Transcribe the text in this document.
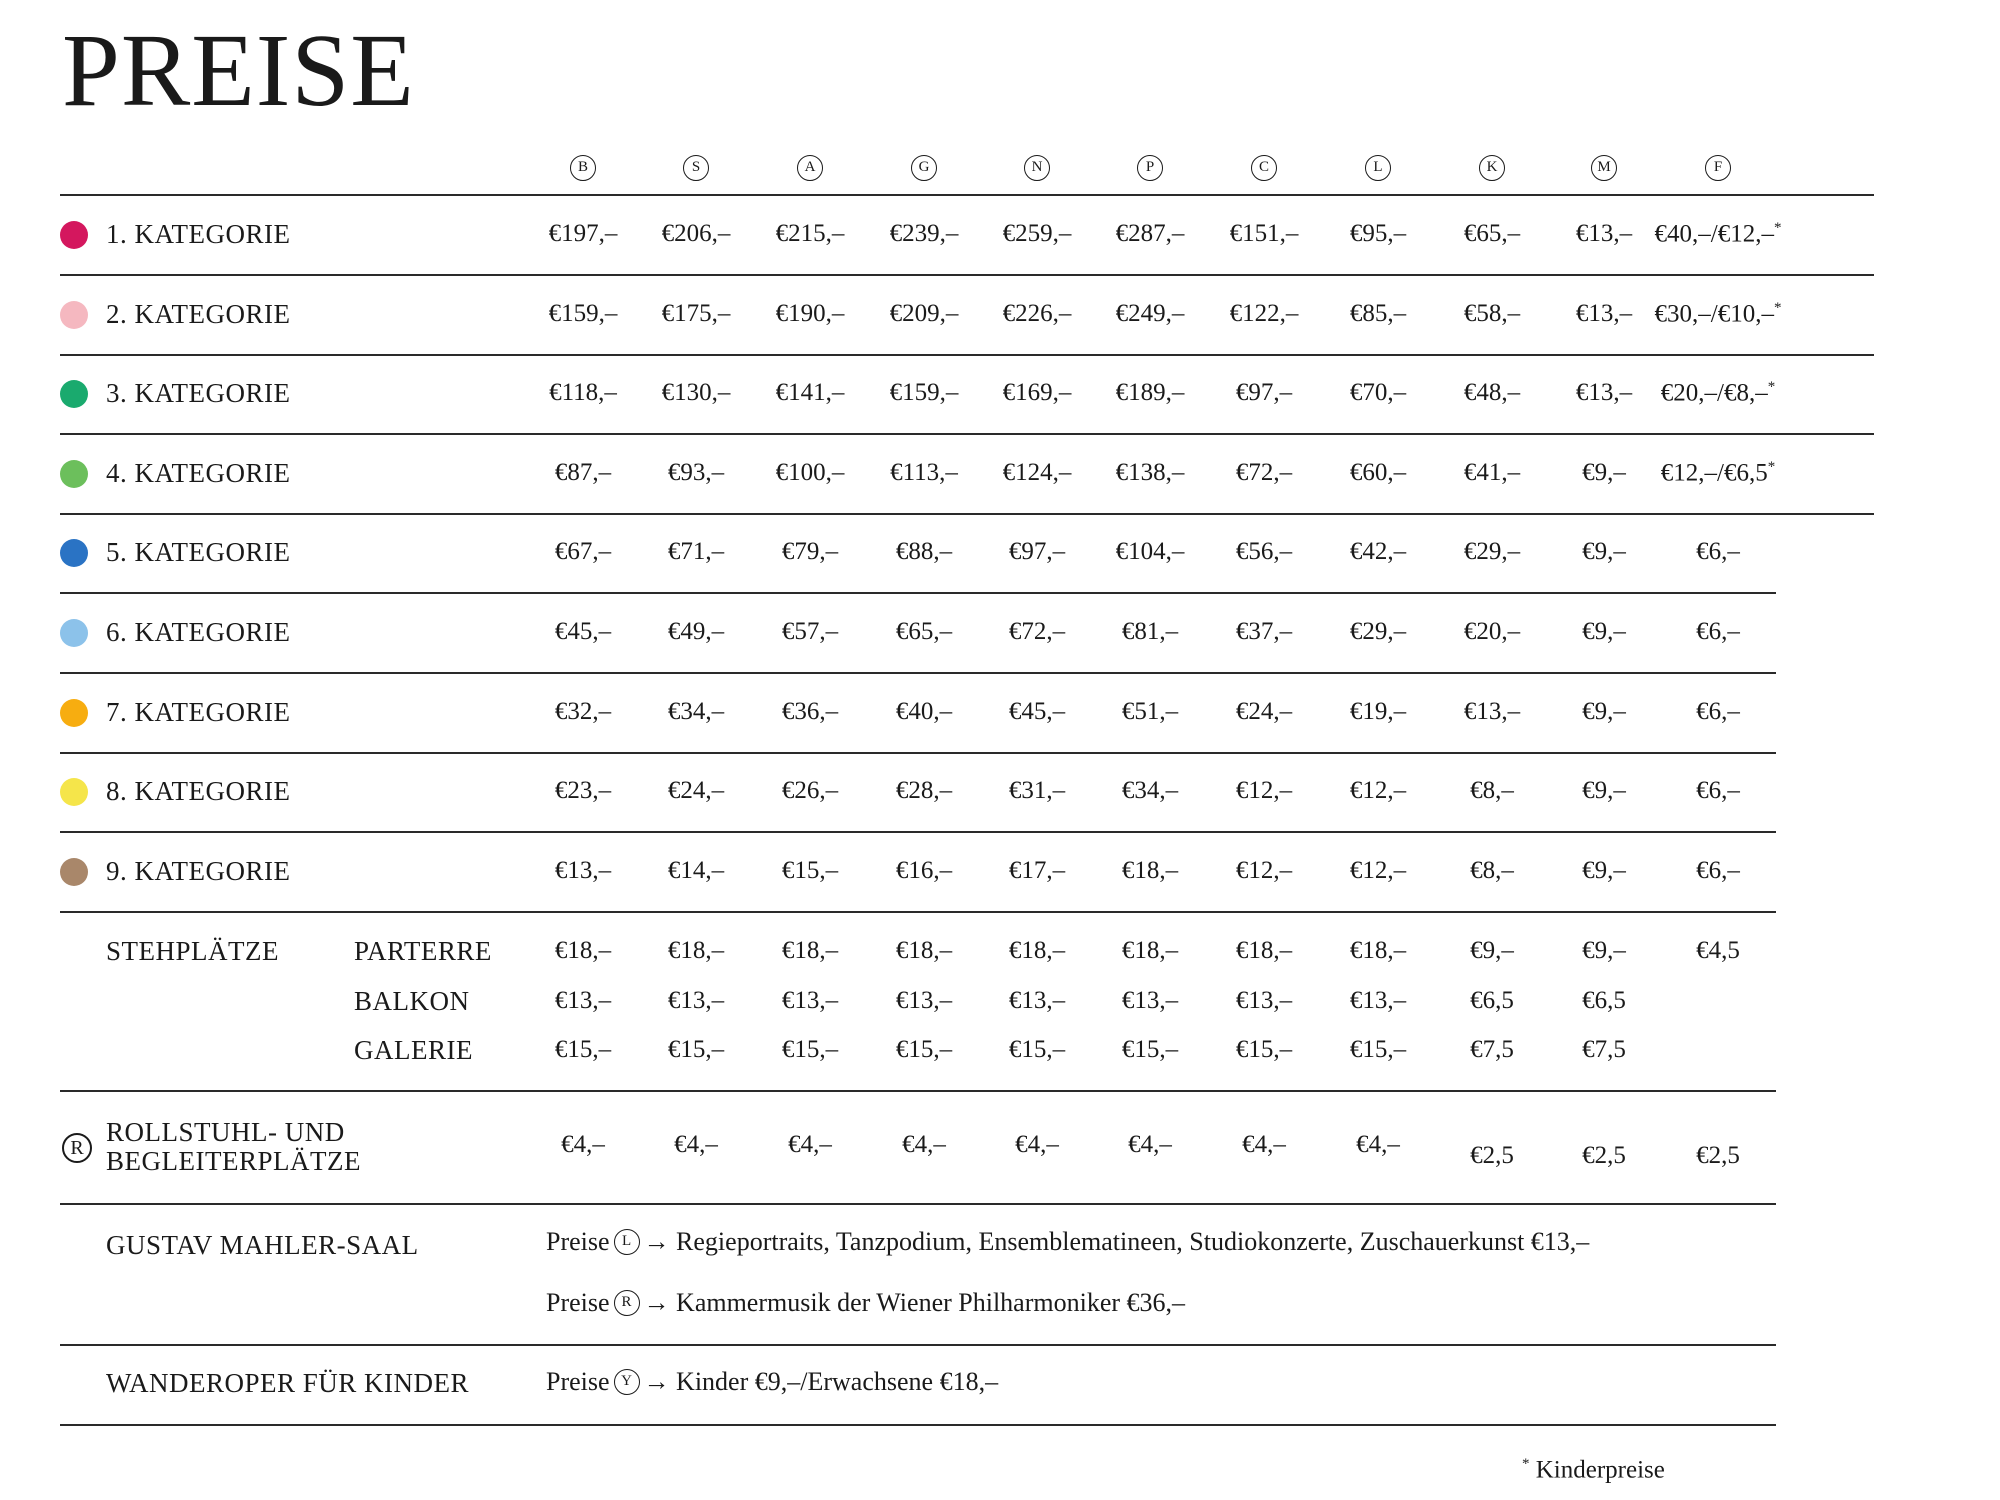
PREISE
B	S	A	G	N	P	C	L	K	M	F
1. KATEGORIE	€197,– €206,– €215,– €239,– €259,– €287,– €151,– €95,– €65,– €13,– €40,–/€12,–*
2. KATEGORIE	€159,– €175,– €190,– €209,– €226,– €249,– €122,– €85,– €58,– €13,– €30,–/€10,–*
3. KATEGORIE	€118,– €130,– €141,– €159,– €169,– €189,– €97,– €70,– €48,– €13,– €20,–/€8,–*
4. KATEGORIE	€87,– €93,– €100,– €113,– €124,– €138,– €72,– €60,– €41,– €9,– €12,–/€6,5*
5. KATEGORIE	€67,– €71,– €79,– €88,– €97,– €104,– €56,– €42,– €29,– €9,–	€6,–
6. KATEGORIE	€45,– €49,– €57,– €65,– €72,– €81,– €37,– €29,– €20,– €9,–	€6,–
7. KATEGORIE	€32,– €34,– €36,– €40,– €45,– €51,– €24,– €19,– €13,– €9,–	€6,–
8. KATEGORIE	€23,– €24,– €26,– €28,– €31,– €34,– €12,– €12,–	€8,–	€9,–	€6,–
9. KATEGORIE	€13,– €14,– €15,– €16,– €17,– €18,– €12,– €12,–	€8,–	€9,–	€6,–
STEHPLÄTZE	PARTERRE	€18,– €18,– €18,– €18,– €18,– €18,– €18,– €18,–	€9,–	€9,–	€4,5
BALKON	€13,– €13,– €13,– €13,– €13,– €13,– €13,– €13,–	€6,5	€6,5
GALERIE	€15,– €15,– €15,– €15,– €15,– €15,– €15,– €15,–	€7,5	€7,5
R
ROLLSTUHL- UND
BEGLEITERPLÄTZE
€4,–	€4,–	€4,–	€4,–	€4,–	€4,–	€4,–	€4,–	€2,5	€2,5	€2,5
GUSTAV MAHLER-SAAL	Preise L → Regieportraits, Tanzpodium, Ensemblematineen, Studiokonzerte, Zuschauerkunst €13,–
Preise R → Kammermusik der Wiener Philharmoniker €36,–
WANDEROPER FÜR KINDER	Preise Y → Kinder €9,–/Erwachsene €18,–
* Kinderpreise
